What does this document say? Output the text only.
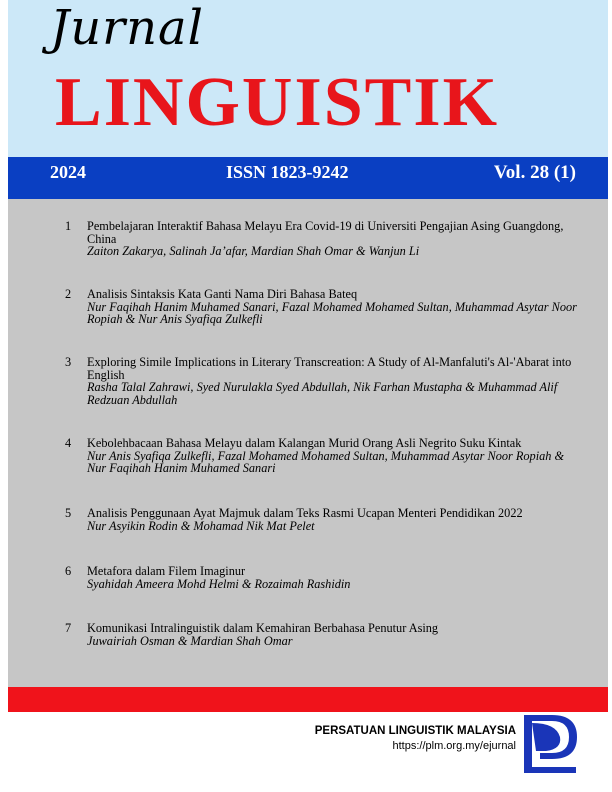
Jurnal
LINGUISTIK
2024	ISSN 1823-9242	Vol. 28 (1)
1 Pembelajaran Interaktif Bahasa Melayu Era Covid-19 di Universiti Pengajian Asing Guangdong, China
Zaiton Zakarya, Salinah Ja’afar, Mardian Shah Omar & Wanjun Li
2 Analisis Sintaksis Kata Ganti Nama Diri Bahasa Bateq
Nur Faqihah Hanim Muhamed Sanari, Fazal Mohamed Mohamed Sultan, Muhammad Asytar Noor Ropiah & Nur Anis Syafiqa Zulkefli
3 Exploring Simile Implications in Literary Transcreation: A Study of Al-Manfaluti's Al-'Abarat into English
Rasha Talal Zahrawi, Syed Nurulakla Syed Abdullah, Nik Farhan Mustapha & Muhammad Alif Redzuan Abdullah
4 Kebolehbacaan Bahasa Melayu dalam Kalangan Murid Orang Asli Negrito Suku Kintak
Nur Anis Syafiqa Zulkefli, Fazal Mohamed Mohamed Sultan, Muhammad Asytar Noor Ropiah & Nur Faqihah Hanim Muhamed Sanari
5 Analisis Penggunaan Ayat Majmuk dalam Teks Rasmi Ucapan Menteri Pendidikan 2022
Nur Asyikin Rodin & Mohamad Nik Mat Pelet
6 Metafora dalam Filem Imaginur
Syahidah Ameera Mohd Helmi & Rozaimah Rashidin
7 Komunikasi Intralinguistik dalam Kemahiran Berbahasa Penutur Asing
Juwairiah Osman & Mardian Shah Omar
PERSATUAN LINGUISTIK MALAYSIA
https://plm.org.my/ejurnal
